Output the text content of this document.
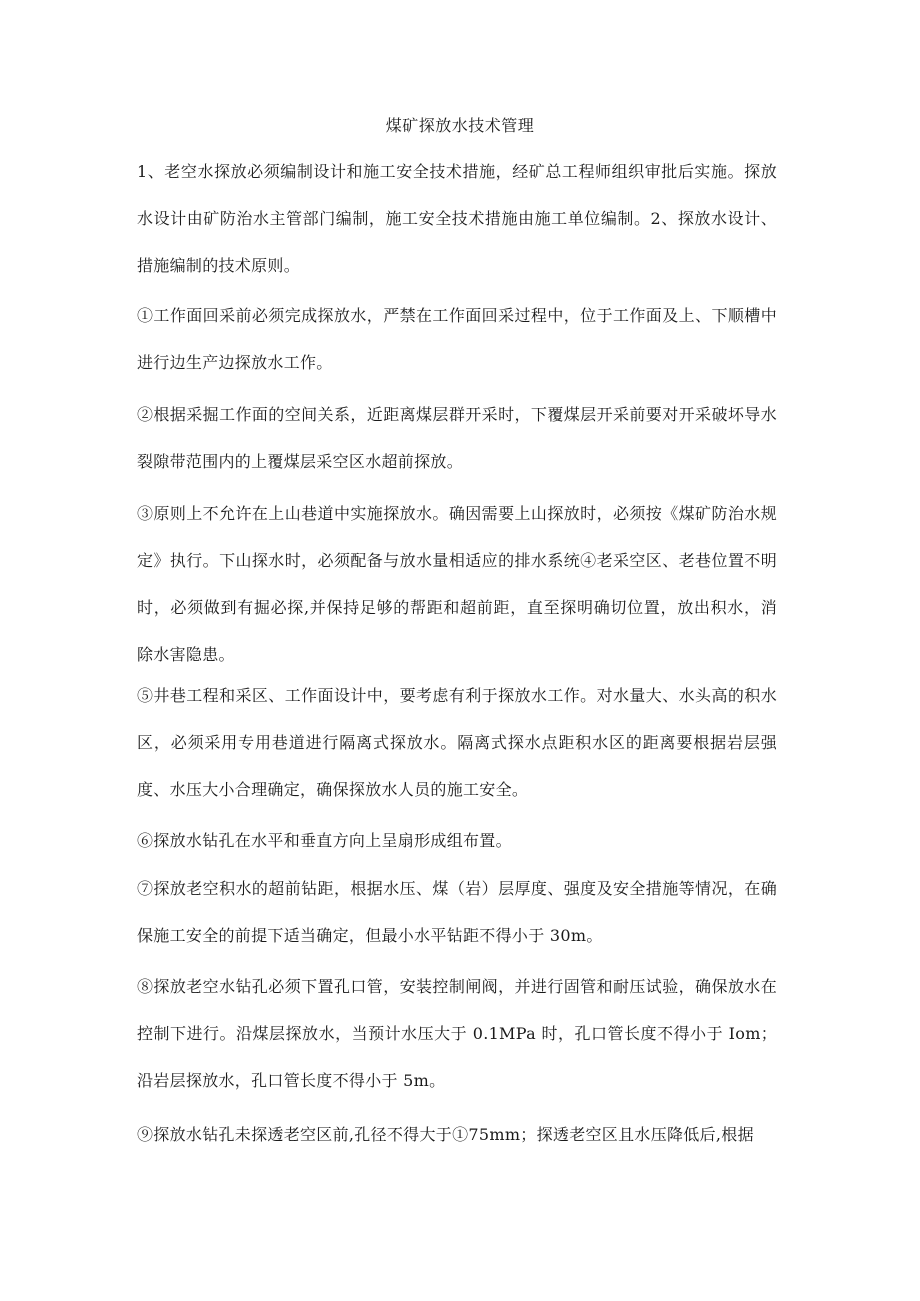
煤矿探放水技术管理
1、老空水探放必须编制设计和施工安全技术措施，经矿总工程师组织审批后实施。探放水设计由矿防治水主管部门编制，施工安全技术措施由施工单位编制。2、探放水设计、措施编制的技术原则。
①工作面回采前必须完成探放水，严禁在工作面回采过程中，位于工作面及上、下顺槽中进行边生产边探放水工作。
②根据采掘工作面的空间关系，近距离煤层群开采时，下覆煤层开采前要对开采破坏导水裂隙带范围内的上覆煤层采空区水超前探放。
③原则上不允许在上山巷道中实施探放水。确因需要上山探放时，必须按《煤矿防治水规定》执行。下山探水时，必须配备与放水量相适应的排水系统④老采空区、老巷位置不明时，必须做到有掘必探,并保持足够的帮距和超前距，直至探明确切位置，放出积水，消除水害隐患。
⑤井巷工程和采区、工作面设计中，要考虑有利于探放水工作。对水量大、水头高的积水区，必须采用专用巷道进行隔离式探放水。隔离式探水点距积水区的距离要根据岩层强度、水压大小合理确定，确保探放水人员的施工安全。
⑥探放水钻孔在水平和垂直方向上呈扇形成组布置。
⑦探放老空积水的超前钻距，根据水压、煤（岩）层厚度、强度及安全措施等情况，在确保施工安全的前提下适当确定，但最小水平钻距不得小于 30m。
⑧探放老空水钻孔必须下置孔口管，安装控制闸阀，并进行固管和耐压试验，确保放水在控制下进行。沿煤层探放水，当预计水压大于 0.1MPa 时，孔口管长度不得小于 Iom；沿岩层探放水，孔口管长度不得小于 5m。
⑨探放水钻孔未探透老空区前,孔径不得大于①75mm；探透老空区且水压降低后,根据
